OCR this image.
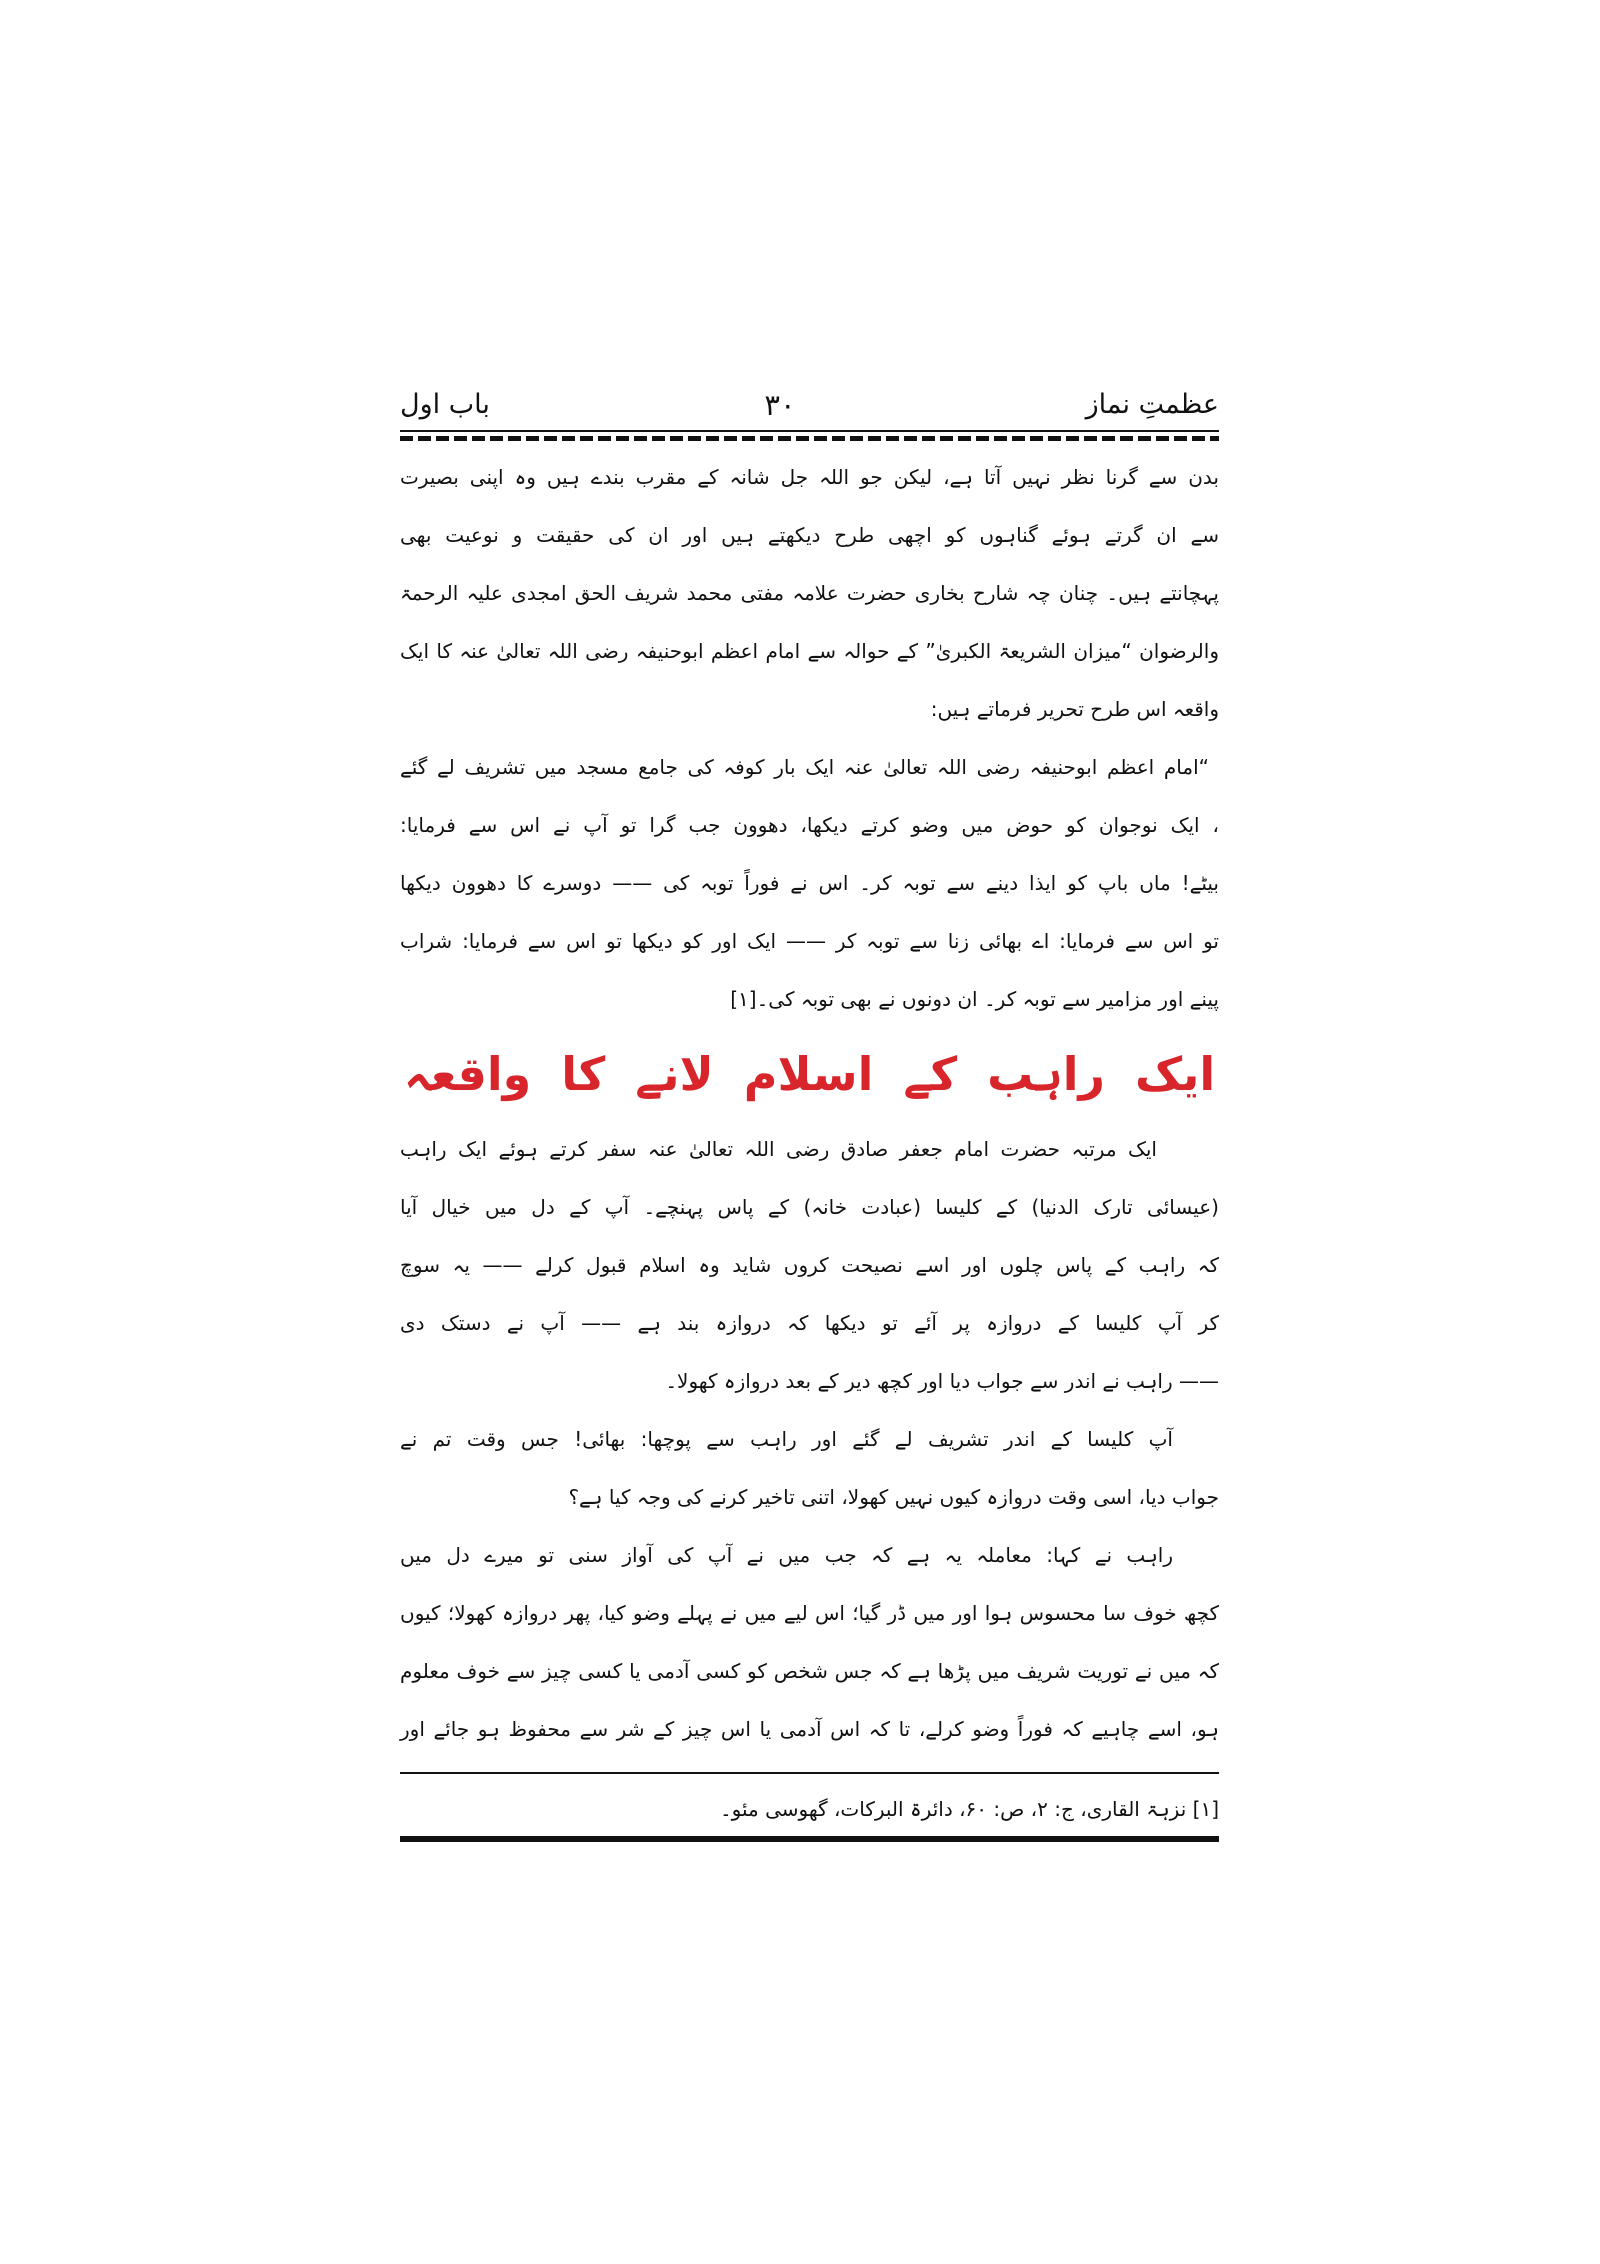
عظمتِ نماز
۳۰
باب اول
بدن سے گرنا نظر نہیں آتا ہے، لیکن جو اللہ جل شانہ کے مقرب بندے ہیں وہ اپنی بصیرت
سے ان گرتے ہوئے گناہوں کو اچھی طرح دیکھتے ہیں اور ان کی حقیقت و نوعیت بھی
پہچانتے ہیں۔ چنان چہ شارح بخاری حضرت علامہ مفتی محمد شریف الحق امجدی علیہ الرحمۃ
والرضوان “میزان الشریعۃ الکبریٰ” کے حوالہ سے امام اعظم ابوحنیفہ رضی اللہ تعالیٰ عنہ کا ایک
واقعہ اس طرح تحریر فرماتے ہیں:
“امام اعظم ابوحنیفہ رضی اللہ تعالیٰ عنہ ایک بار کوفہ کی جامع مسجد میں تشریف لے گئے
، ایک نوجوان کو حوض میں وضو کرتے دیکھا، دھوون جب گرا تو آپ نے اس سے فرمایا:
بیٹے! ماں باپ کو ایذا دینے سے توبہ کر۔ اس نے فوراً توبہ کی —— دوسرے کا دھوون دیکھا
تو اس سے فرمایا: اے بھائی زنا سے توبہ کر —— ایک اور کو دیکھا تو اس سے فرمایا: شراب
پینے اور مزامیر سے توبہ کر۔ ان دونوں نے بھی توبہ کی۔[۱]
ایک راہب کے اسلام لانے کا واقعہ
ایک مرتبہ حضرت امام جعفر صادق رضی اللہ تعالیٰ عنہ سفر کرتے ہوئے ایک راہب
(عیسائی تارک الدنیا) کے کلیسا (عبادت خانہ) کے پاس پہنچے۔ آپ کے دل میں خیال آیا
کہ راہب کے پاس چلوں اور اسے نصیحت کروں شاید وہ اسلام قبول کرلے —— یہ سوچ
کر آپ کلیسا کے دروازہ پر آئے تو دیکھا کہ دروازہ بند ہے —— آپ نے دستک دی
—— راہب نے اندر سے جواب دیا اور کچھ دیر کے بعد دروازہ کھولا۔
آپ کلیسا کے اندر تشریف لے گئے اور راہب سے پوچھا: بھائی! جس وقت تم نے
جواب دیا، اسی وقت دروازہ کیوں نہیں کھولا، اتنی تاخیر کرنے کی وجہ کیا ہے؟
راہب نے کہا: معاملہ یہ ہے کہ جب میں نے آپ کی آواز سنی تو میرے دل میں
کچھ خوف سا محسوس ہوا اور میں ڈر گیا؛ اس لیے میں نے پہلے وضو کیا، پھر دروازہ کھولا؛ کیوں
کہ میں نے توریت شریف میں پڑھا ہے کہ جس شخص کو کسی آدمی یا کسی چیز سے خوف معلوم
ہو، اسے چاہیے کہ فوراً وضو کرلے، تا کہ اس آدمی یا اس چیز کے شر سے محفوظ ہو جائے اور
[۱] نزہۃ القاری، ج: ۲، ص: ۶۰، دائرۃ البرکات، گھوسی مئو۔
